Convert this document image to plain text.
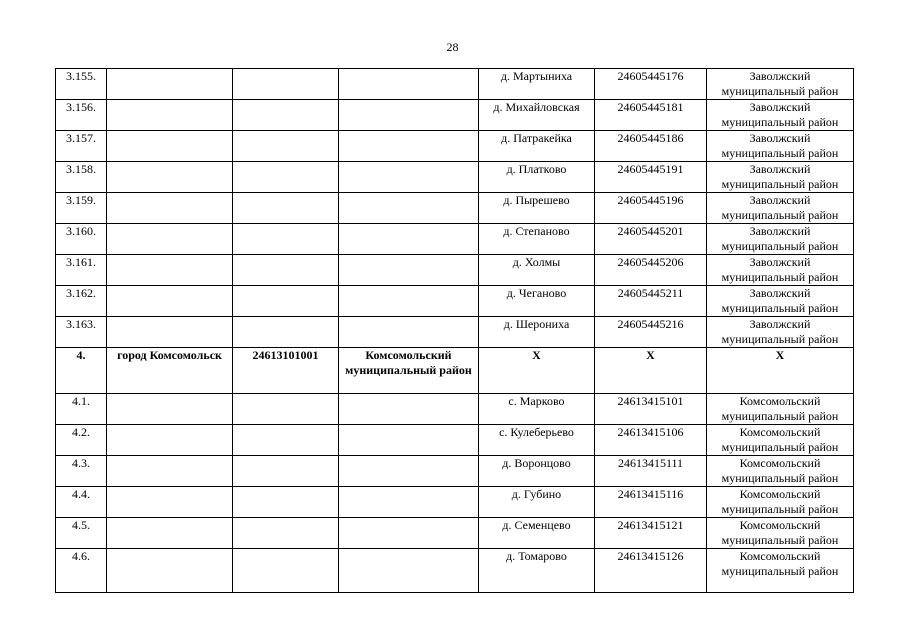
28
3.155.				д. Мартыниха	24605445176	Заволжский муниципальный район
3.156.				д. Михайловская	24605445181	Заволжский муниципальный район
3.157.				д. Патракейка	24605445186	Заволжский муниципальный район
3.158.				д. Платково	24605445191	Заволжский муниципальный район
3.159.				д. Пырешево	24605445196	Заволжский муниципальный район
3.160.				д. Степаново	24605445201	Заволжский муниципальный район
3.161.				д. Холмы	24605445206	Заволжский муниципальный район
3.162.				д. Чеганово	24605445211	Заволжский муниципальный район
3.163.				д. Шерониха	24605445216	Заволжский муниципальный район
4.	город Комсомольск	24613101001	Комсомольский муниципальный район	Х	Х	Х
4.1.				с. Марково	24613415101	Комсомольский муниципальный район
4.2.				с. Кулеберьево	24613415106	Комсомольский муниципальный район
4.3.				д. Воронцово	24613415111	Комсомольский муниципальный район
4.4.				д. Губино	24613415116	Комсомольский муниципальный район
4.5.				д. Семенцево	24613415121	Комсомольский муниципальный район
4.6.				д. Томарово	24613415126	Комсомольский муниципальный район
